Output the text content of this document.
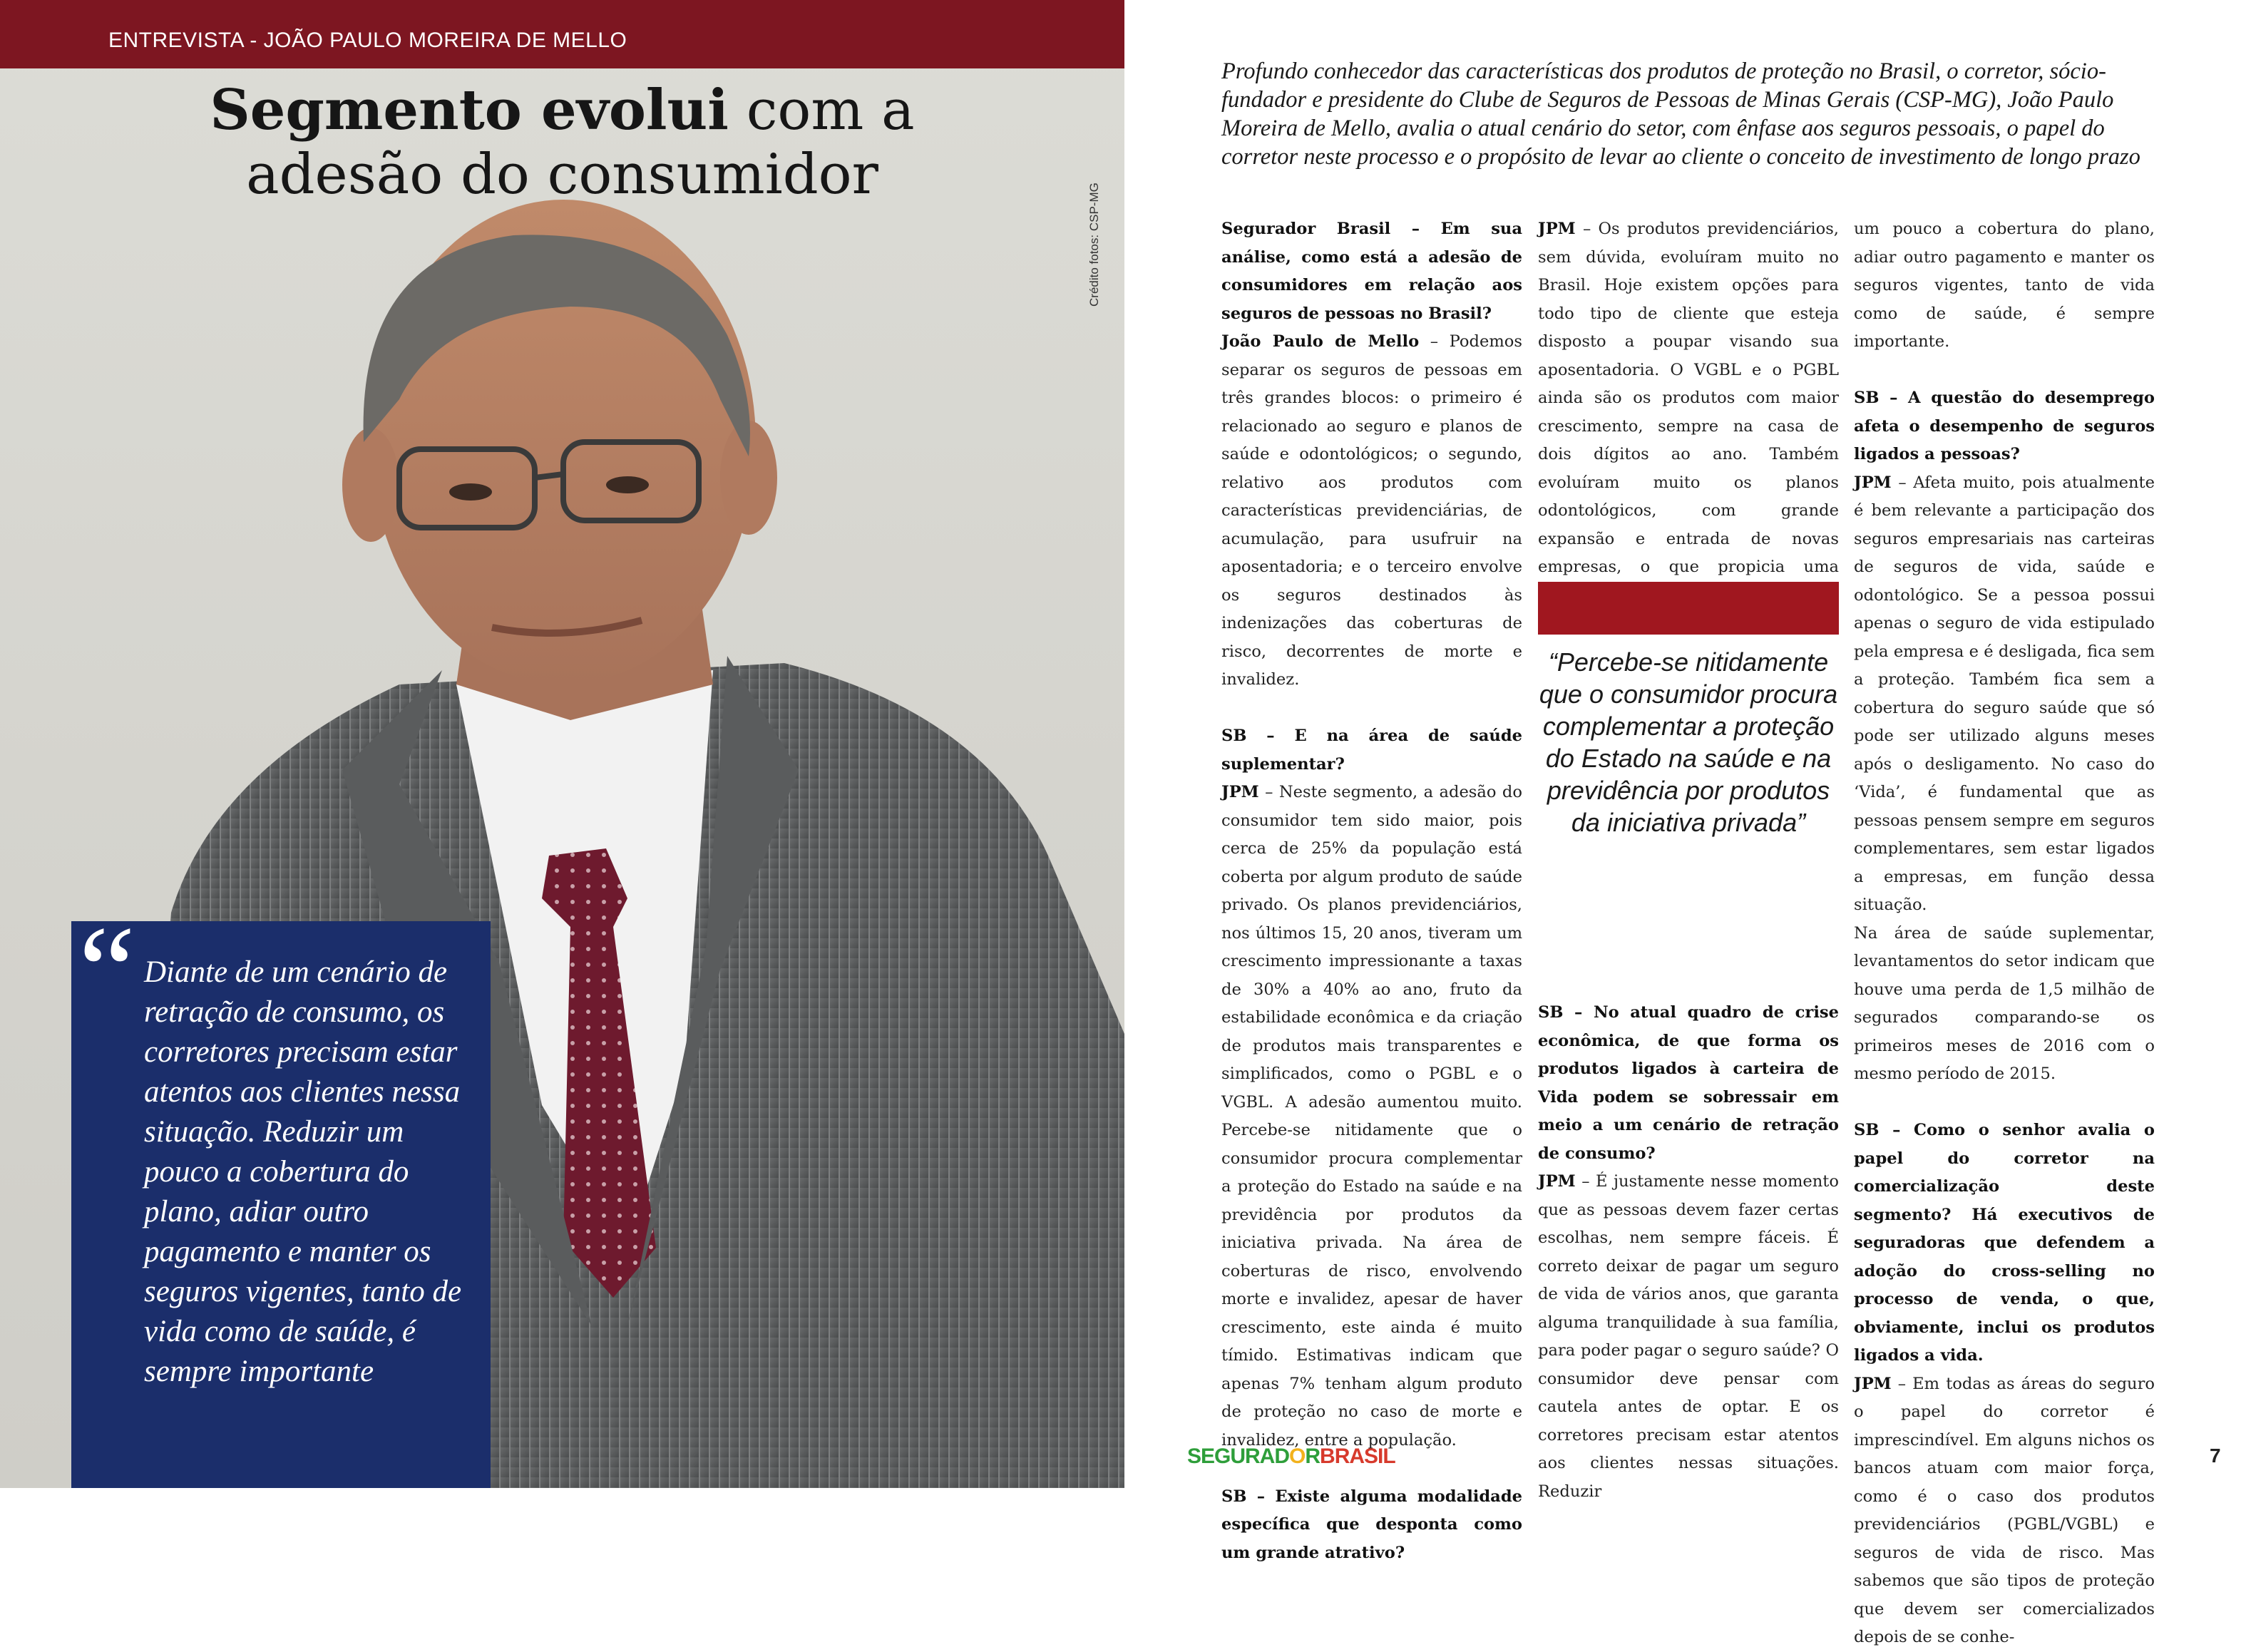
ENTREVISTA - JOÃO PAULO MOREIRA DE MELLO
Segmento evolui com a
adesão do consumidor
Crédito fotos: CSP-MG
“ Diante de um cenário de retração de consumo, os corretores precisam estar atentos aos clientes nessa situação. Reduzir um pouco a cobertura do plano, adiar outro pagamento e manter os seguros vigentes, tanto de vida como de saúde, é sempre importante
Profundo conhecedor das características dos produtos de proteção no Brasil, o corretor, sócio-fundador e presidente do Clube de Seguros de Pessoas de Minas Gerais (CSP-MG), João Paulo Moreira de Mello, avalia o atual cenário do setor, com ênfase aos seguros pessoais, o papel do corretor neste processo e o propósito de levar ao cliente o conceito de investimento de longo prazo

Segurador Brasil – Em sua análise, como está a adesão de consumidores em relação aos seguros de pessoas no Brasil?

João Paulo de Mello – Podemos separar os seguros de pessoas em três grandes blocos: o primeiro é relacionado ao seguro e planos de saúde e odontológicos; o segundo, relativo aos produtos com características previdenciárias, de acumulação, para usufruir na aposentadoria; e o terceiro envolve os seguros destinados às indenizações das coberturas de risco, decorrentes de morte e invalidez.

SB – E na área de saúde suplementar?

JPM – Neste segmento, a adesão do consumidor tem sido maior, pois cerca de 25% da população está coberta por algum produto de saúde privado. Os planos previdenciários, nos últimos 15, 20 anos, tiveram um crescimento impressionante a taxas de 30% a 40% ao ano, fruto da estabilidade econômica e da criação de produtos mais transparentes e simplificados, como o PGBL e o VGBL. A adesão aumentou muito. Percebe-se nitidamente que o consumidor procura complementar a proteção do Estado na saúde e na previdência por produtos da iniciativa privada. Na área de coberturas de risco, envolvendo morte e invalidez, apesar de haver crescimento, este ainda é muito tímido. Estimativas indicam que apenas 7% tenham algum produto de proteção no caso de morte e invalidez, entre a população.

SB – Existe alguma modalidade específica que desponta como um grande atrativo?

JPM – Os produtos previdenciários, sem dúvida, evoluíram muito no Brasil. Hoje existem opções para todo tipo de cliente que esteja disposto a poupar visando sua aposentadoria. O VGBL e o PGBL ainda são os produtos com maior crescimento, sempre na casa de dois dígitos ao ano. Também evoluíram muito os planos odontológicos, com grande expansão e entrada de novas empresas, o que propicia uma

“Percebe-se nitidamente que o consumidor procura complementar a proteção do Estado na saúde e na previdência por produtos da iniciativa privada”

SB – No atual quadro de crise econômica, de que forma os produtos ligados à carteira de Vida podem se sobressair em meio a um cenário de retração de consumo?

JPM – É justamente nesse momento que as pessoas devem fazer certas escolhas, nem sempre fáceis. É correto deixar de pagar um seguro de vida de vários anos, que garanta alguma tranquilidade à sua família, para poder pagar o seguro saúde? O consumidor deve pensar com cautela antes de optar. E os corretores precisam estar atentos aos clientes nessas situações. Reduzir

um pouco a cobertura do plano, adiar outro pagamento e manter os seguros vigentes, tanto de vida como de saúde, é sempre importante.

SB – A questão do desemprego afeta o desempenho de seguros ligados a pessoas?

JPM – Afeta muito, pois atualmente é bem relevante a participação dos seguros empresariais nas carteiras de seguros de vida, saúde e odontológico. Se a pessoa possui apenas o seguro de vida estipulado pela empresa e é desligada, fica sem a proteção. Também fica sem a cobertura do seguro saúde que só pode ser utilizado alguns meses após o desligamento. No caso do ‘Vida’, é fundamental que as pessoas pensem sempre em seguros complementares, sem estar ligados a empresas, em função dessa situação.

Na área de saúde suplementar, levantamentos do setor indicam que houve uma perda de 1,5 milhão de segurados comparando-se os primeiros meses de 2016 com o mesmo período de 2015.

SB – Como o senhor avalia o papel do corretor na comercialização deste segmento? Há executivos de seguradoras que defendem a adoção do cross-selling no processo de venda, o que, obviamente, inclui os produtos ligados a vida.

JPM – Em todas as áreas do seguro o papel do corretor é imprescindível. Em alguns nichos os bancos atuam com maior força, como é o caso dos produtos previdenciários (PGBL/VGBL) e seguros de vida de risco. Mas sabemos que são tipos de proteção que devem ser comercializados depois de se conhe-

SEGURADORBRASIL	7
